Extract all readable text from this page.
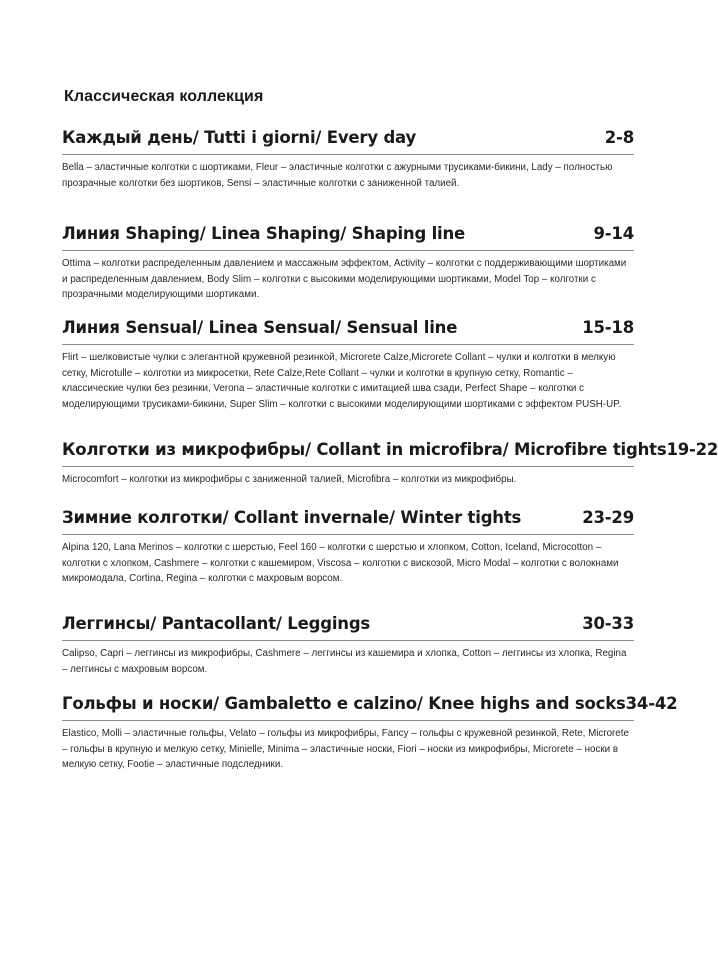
Классическая коллекция
Каждый день/ Tutti i giorni/ Every day	2-8
Bella – эластичные колготки с шортиками, Fleur – эластичные колготки с ажурными трусиками-бикини, Lady – полностью прозрачные колготки без шортиков, Sensi – эластичные колготки с заниженной талией.
Линия Shaping/ Linea Shaping/ Shaping line	9-14
Ottima – колготки распределенным давлением и массажным эффектом, Activity – колготки с поддерживающими шортиками и распределенным давлением, Body Slim – колготки с высокими моделирующими шортиками, Model Top – колготки с прозрачными моделирующими шортиками.
Линия Sensual/ Linea Sensual/ Sensual line	15-18
Flirt – шелковистые чулки с элегантной кружевной резинкой, Microrete Calze,Microrete Collant – чулки и колготки в мелкую сетку, Microtulle – колготки из микросетки, Rete Calze,Rete Collant – чулки и колготки в крупную сетку, Romantic – классические чулки без резинки, Verona – эластичные колготки с имитацией шва сзади, Perfect Shape – колготки с моделирующими трусиками-бикини, Super Slim – колготки с высокими моделирующими шортиками с эффектом PUSH-UP.
Колготки из микрофибры/ Collant in microfibra/ Microfibre tights 19-22
Microcomfort – колготки из микрофибры с заниженной талией, Microfibra – колготки из микрофибры.
Зимние колготки/ Collant invernale/ Winter tights	23-29
Alpina 120, Lana Merinos – колготки с шерстью, Feel 160 – колготки с шерстью и хлопком, Cotton, Iceland, Microcotton – колготки с хлопком, Cashmere – колготки с кашемиром, Viscosa – колготки с вискозой, Micro Modal – колготки с волокнами микромодала, Cortina, Regina – колготки с махровым ворсом.
Леггинсы/ Pantacollant/ Leggings	30-33
Calipso, Capri – леггинсы из микрофибры, Cashmere – леггинсы из кашемира и хлопка, Cotton – леггинсы из хлопка, Regina – леггинсы с махровым ворсом.
Гольфы и носки/ Gambaletto e calzino/ Knee highs and socks 34-42
Elastico, Molli – эластичные гольфы, Velato – гольфы из микрофибры, Fancy – гольфы с кружевной резинкой, Rete, Microrete – гольфы в крупную и мелкую сетку, Minielle, Minima – эластичные носки, Fiori – носки из микрофибры, Microrete – носки в мелкую сетку, Footie – эластичные подследники.
